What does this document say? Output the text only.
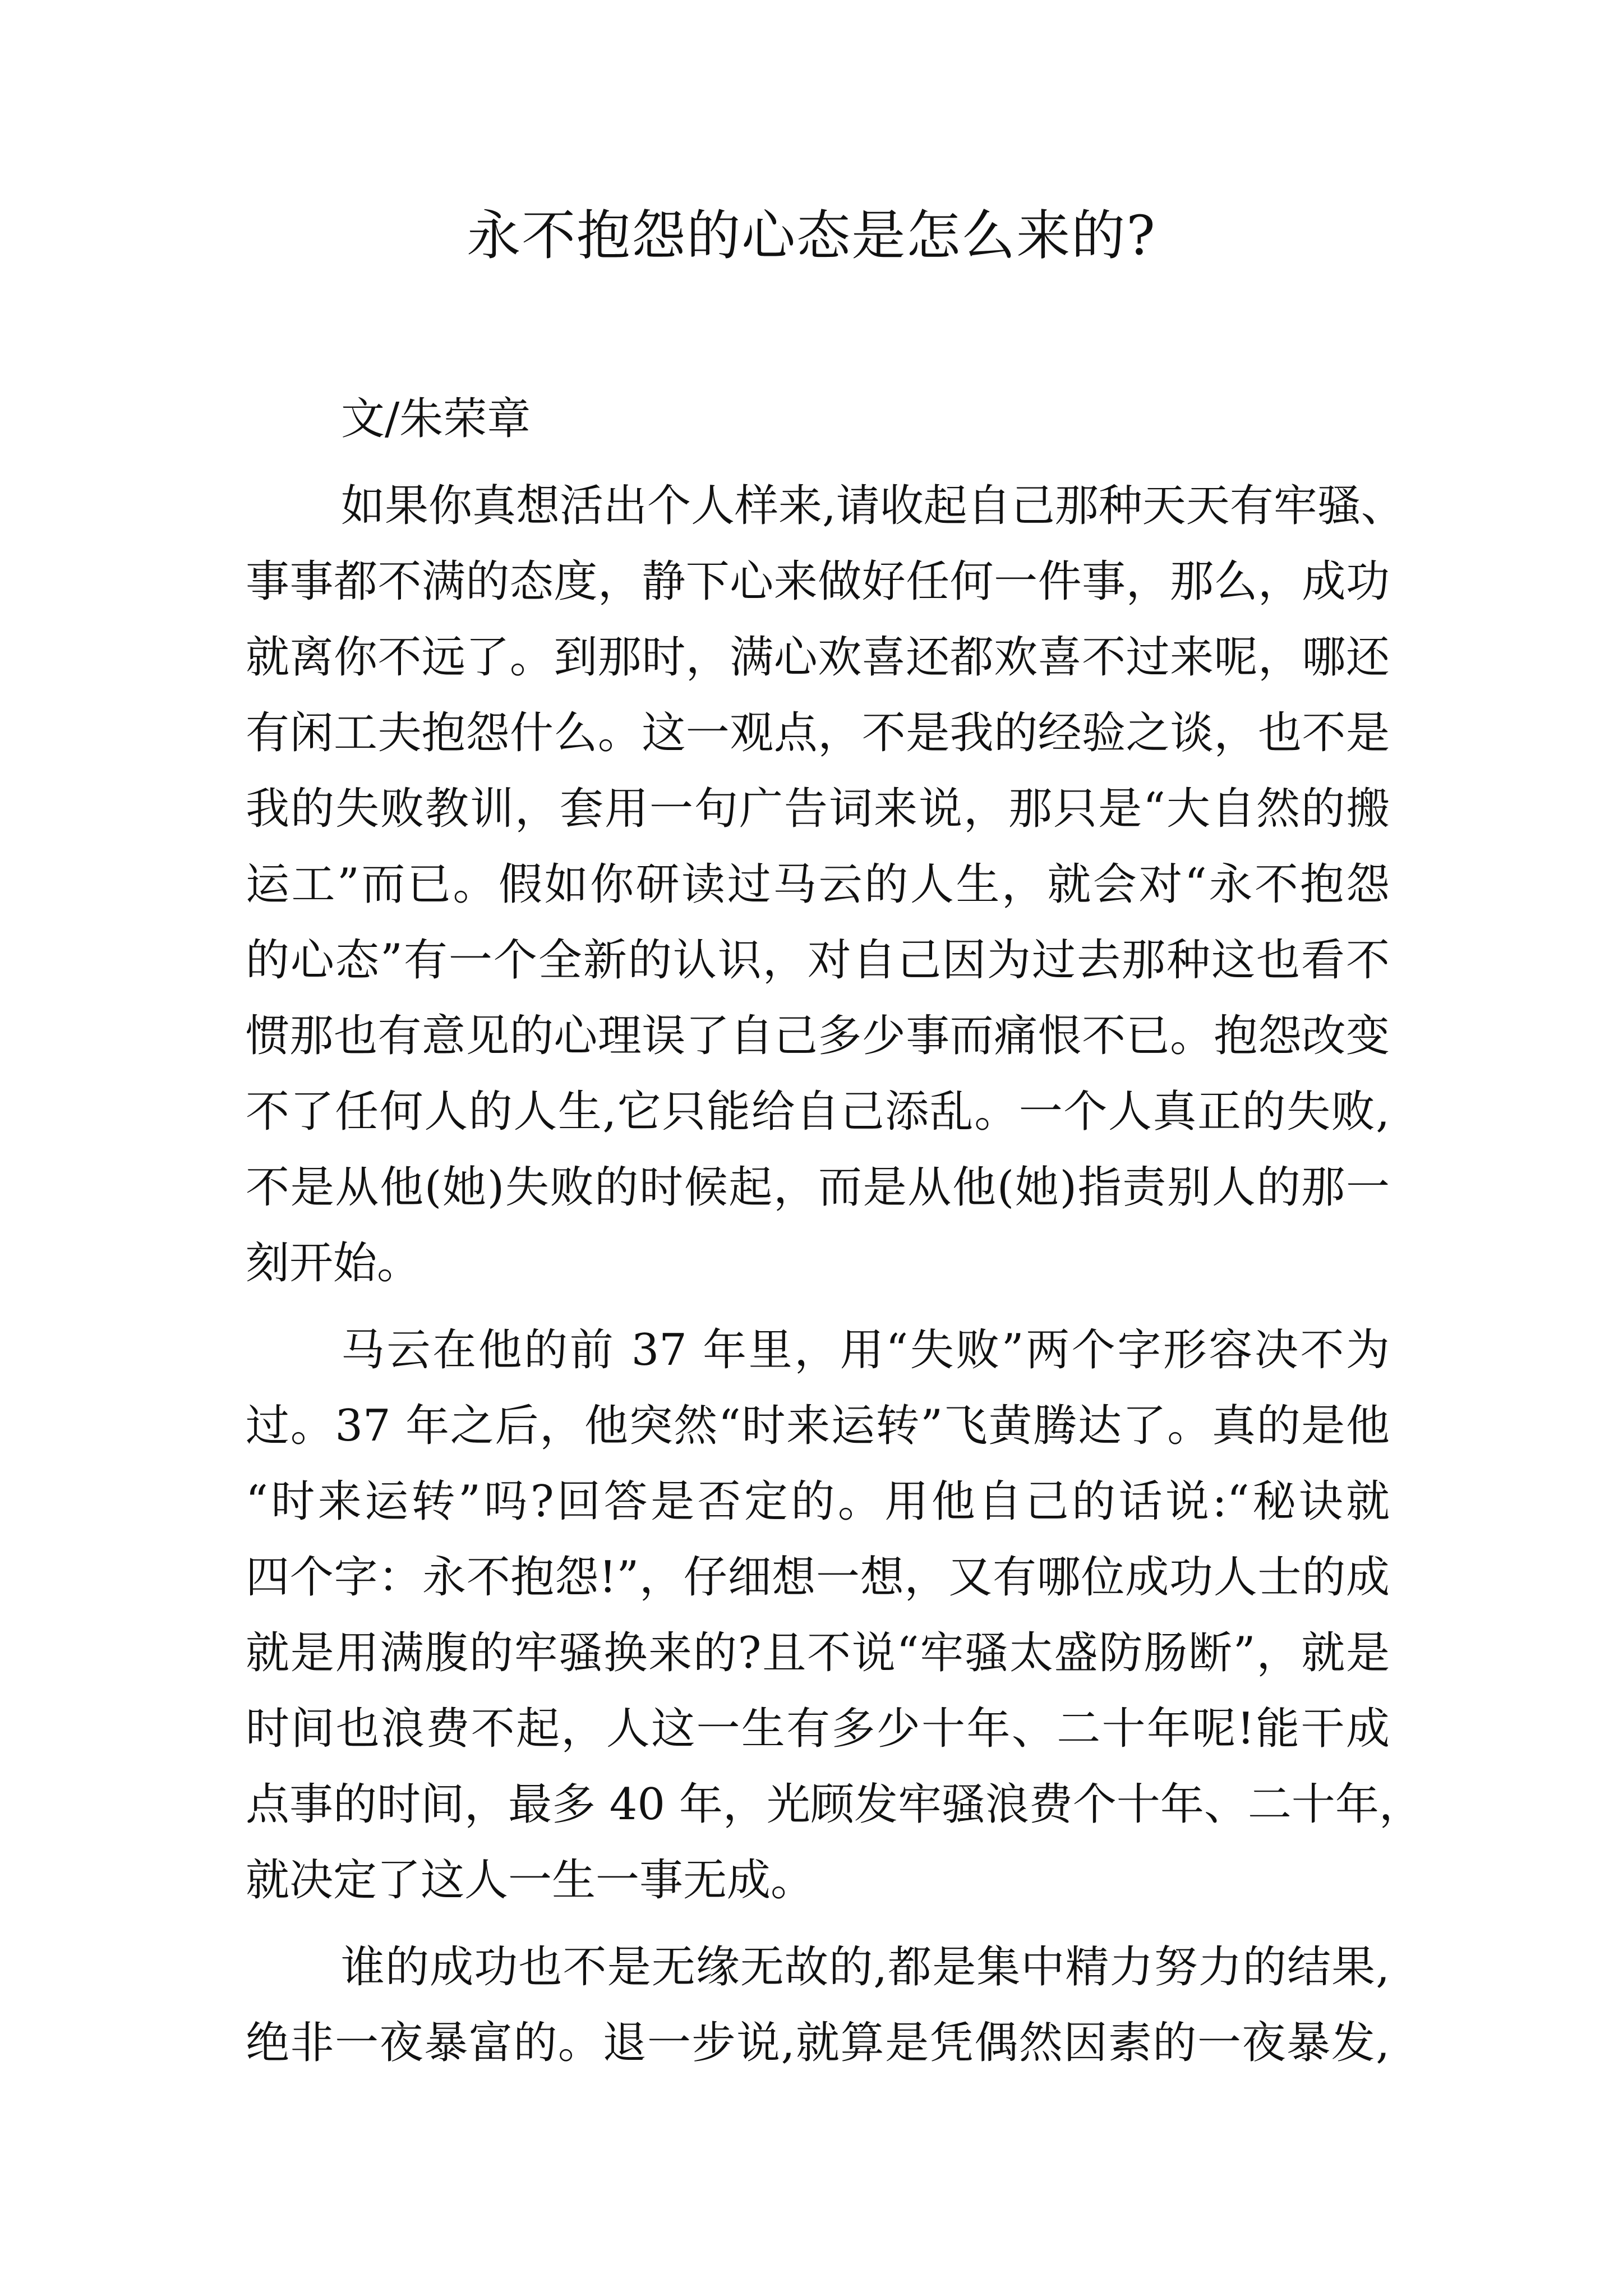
永不抱怨的心态是怎么来的?

文/朱荣章

如果你真想活出个人样来,请收起自己那种天天有牢骚、

事事都不满的态度，静下心来做好任何一件事，那么，成功

就离你不远了。到那时，满心欢喜还都欢喜不过来呢，哪还

有闲工夫抱怨什么。这一观点，不是我的经验之谈，也不是

我的失败教训，套用一句广告词来说，那只是“大自然的搬

运工”而已。假如你研读过马云的人生，就会对“永不抱怨

的心态”有一个全新的认识，对自己因为过去那种这也看不

惯那也有意见的心理误了自己多少事而痛恨不已。抱怨改变

不了任何人的人生,它只能给自己添乱。一个人真正的失败,

不是从他(她)失败的时候起，而是从他(她)指责别人的那一

刻开始。

马云在他的前 37 年里，用“失败”两个字形容决不为

过。37 年之后，他突然“时来运转”飞黄腾达了。真的是他

“时来运转”吗?回答是否定的。用他自己的话说:“秘诀就

四个字：永不抱怨!”，仔细想一想，又有哪位成功人士的成

就是用满腹的牢骚换来的?且不说“牢骚太盛防肠断”，就是

时间也浪费不起，人这一生有多少十年、二十年呢!能干成

点事的时间，最多 40 年，光顾发牢骚浪费个十年、二十年，

就决定了这人一生一事无成。

谁的成功也不是无缘无故的,都是集中精力努力的结果,

绝非一夜暴富的。退一步说,就算是凭偶然因素的一夜暴发,
